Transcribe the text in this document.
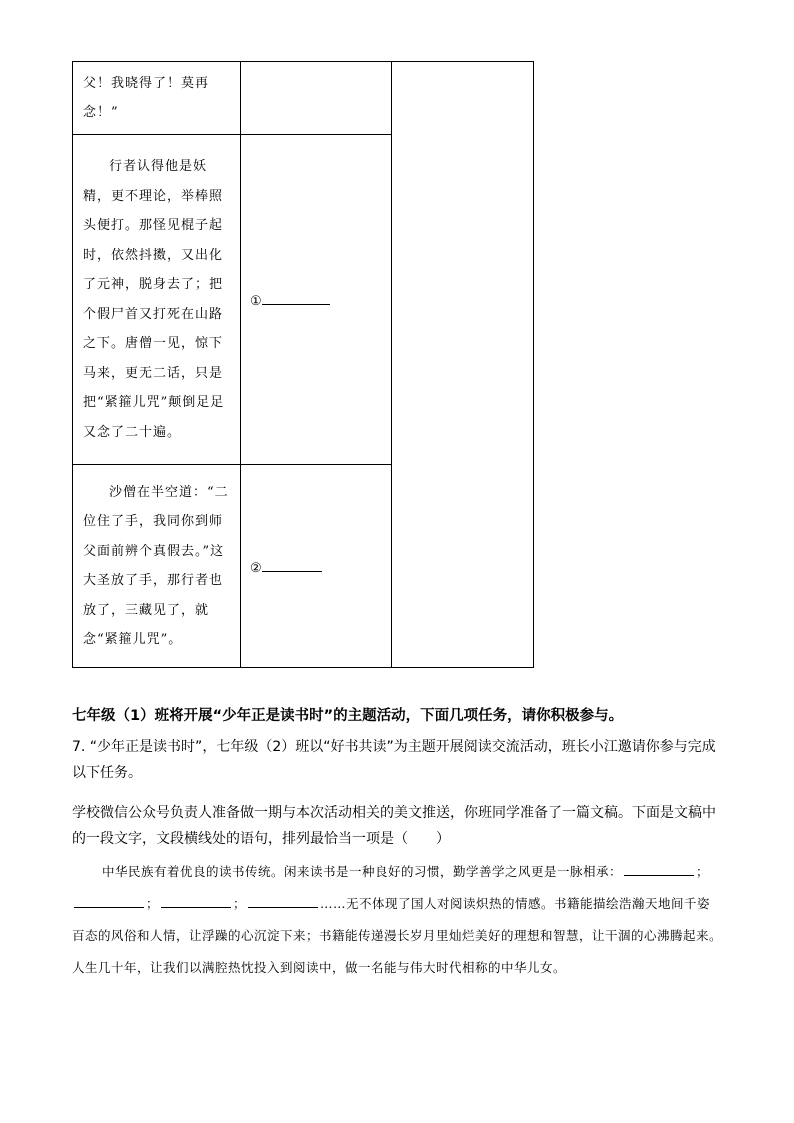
父！我晓得了！莫再念！”		

行者认得他是妖精，更不理论，举棒照头便打。那怪见棍子起时，依然抖擞，又出化了元神，脱身去了；把个假尸首又打死在山路之下。唐僧一见，惊下马来，更无二话，只是把“紧箍儿咒”颠倒足足又念了二十遍。	①	

沙僧在半空道：“二位住了手，我同你到师父面前辨个真假去。”这大圣放了手，那行者也放了，三藏见了，就念“紧箍儿咒”。	②	

七年级（1）班将开展“少年正是读书时”的主题活动，下面几项任务，请你积极参与。

7. “少年正是读书时”，七年级（2）班以“好书共读”为主题开展阅读交流活动，班长小江邀请你参与完成以下任务。

学校微信公众号负责人准备做一期与本次活动相关的美文推送，你班同学准备了一篇文稿。下面是文稿中的一段文字，文段横线处的语句，排列最恰当一项是（　　）

中华民族有着优良的读书传统。闲来读书是一种良好的习惯，勤学善学之风更是一脉相承：	；；	；	……无不体现了国人对阅读炽热的情感。书籍能描绘浩瀚天地间千姿百态的风俗和人情，让浮躁的心沉淀下来；书籍能传递漫长岁月里灿烂美好的理想和智慧，让干涸的心沸腾起来。人生几十年，让我们以满腔热忱投入到阅读中，做一名能与伟大时代相称的中华儿女。
